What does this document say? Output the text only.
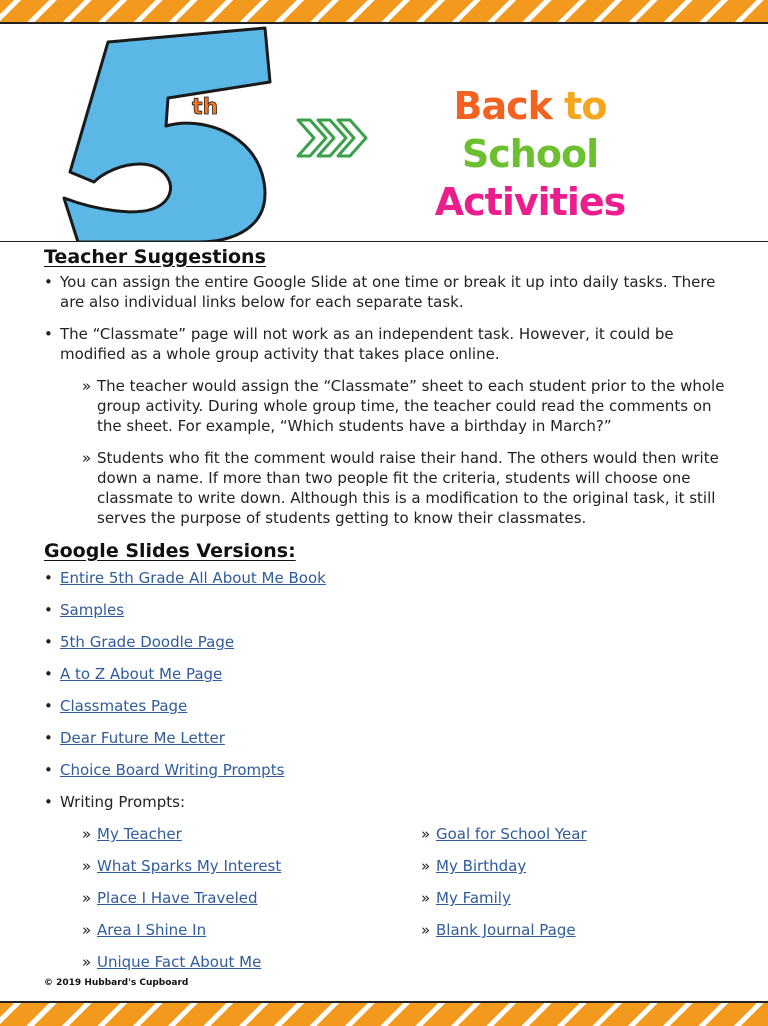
th	Back to School
Activities
Teacher Suggestions
• You can assign the entire Google Slide at one time or break it up into daily tasks. There are also individual links below for each separate task.
• The “Classmate” page will not work as an independent task. However, it could be modified as a whole group activity that takes place online.
» The teacher would assign the “Classmate” sheet to each student prior to the whole group activity. During whole group time, the teacher could read the comments on the sheet. For example, “Which students have a birthday in March?”
» Students who fit the comment would raise their hand. The others would then write down a name. If more than two people fit the criteria, students will choose one classmate to write down. Although this is a modification to the original task, it still serves the purpose of students getting to know their classmates.
Google Slides Versions:
• Entire 5th Grade All About Me Book
• Samples
• 5th Grade Doodle Page
• A to Z About Me Page
• Classmates Page
• Dear Future Me Letter
• Choice Board Writing Prompts
• Writing Prompts:
» My Teacher	» Goal for School Year
» What Sparks My Interest	» My Birthday
» Place I Have Traveled	» My Family
» Area I Shine In	» Blank Journal Page
» Unique Fact About Me
© 2019 Hubbard's Cupboard
